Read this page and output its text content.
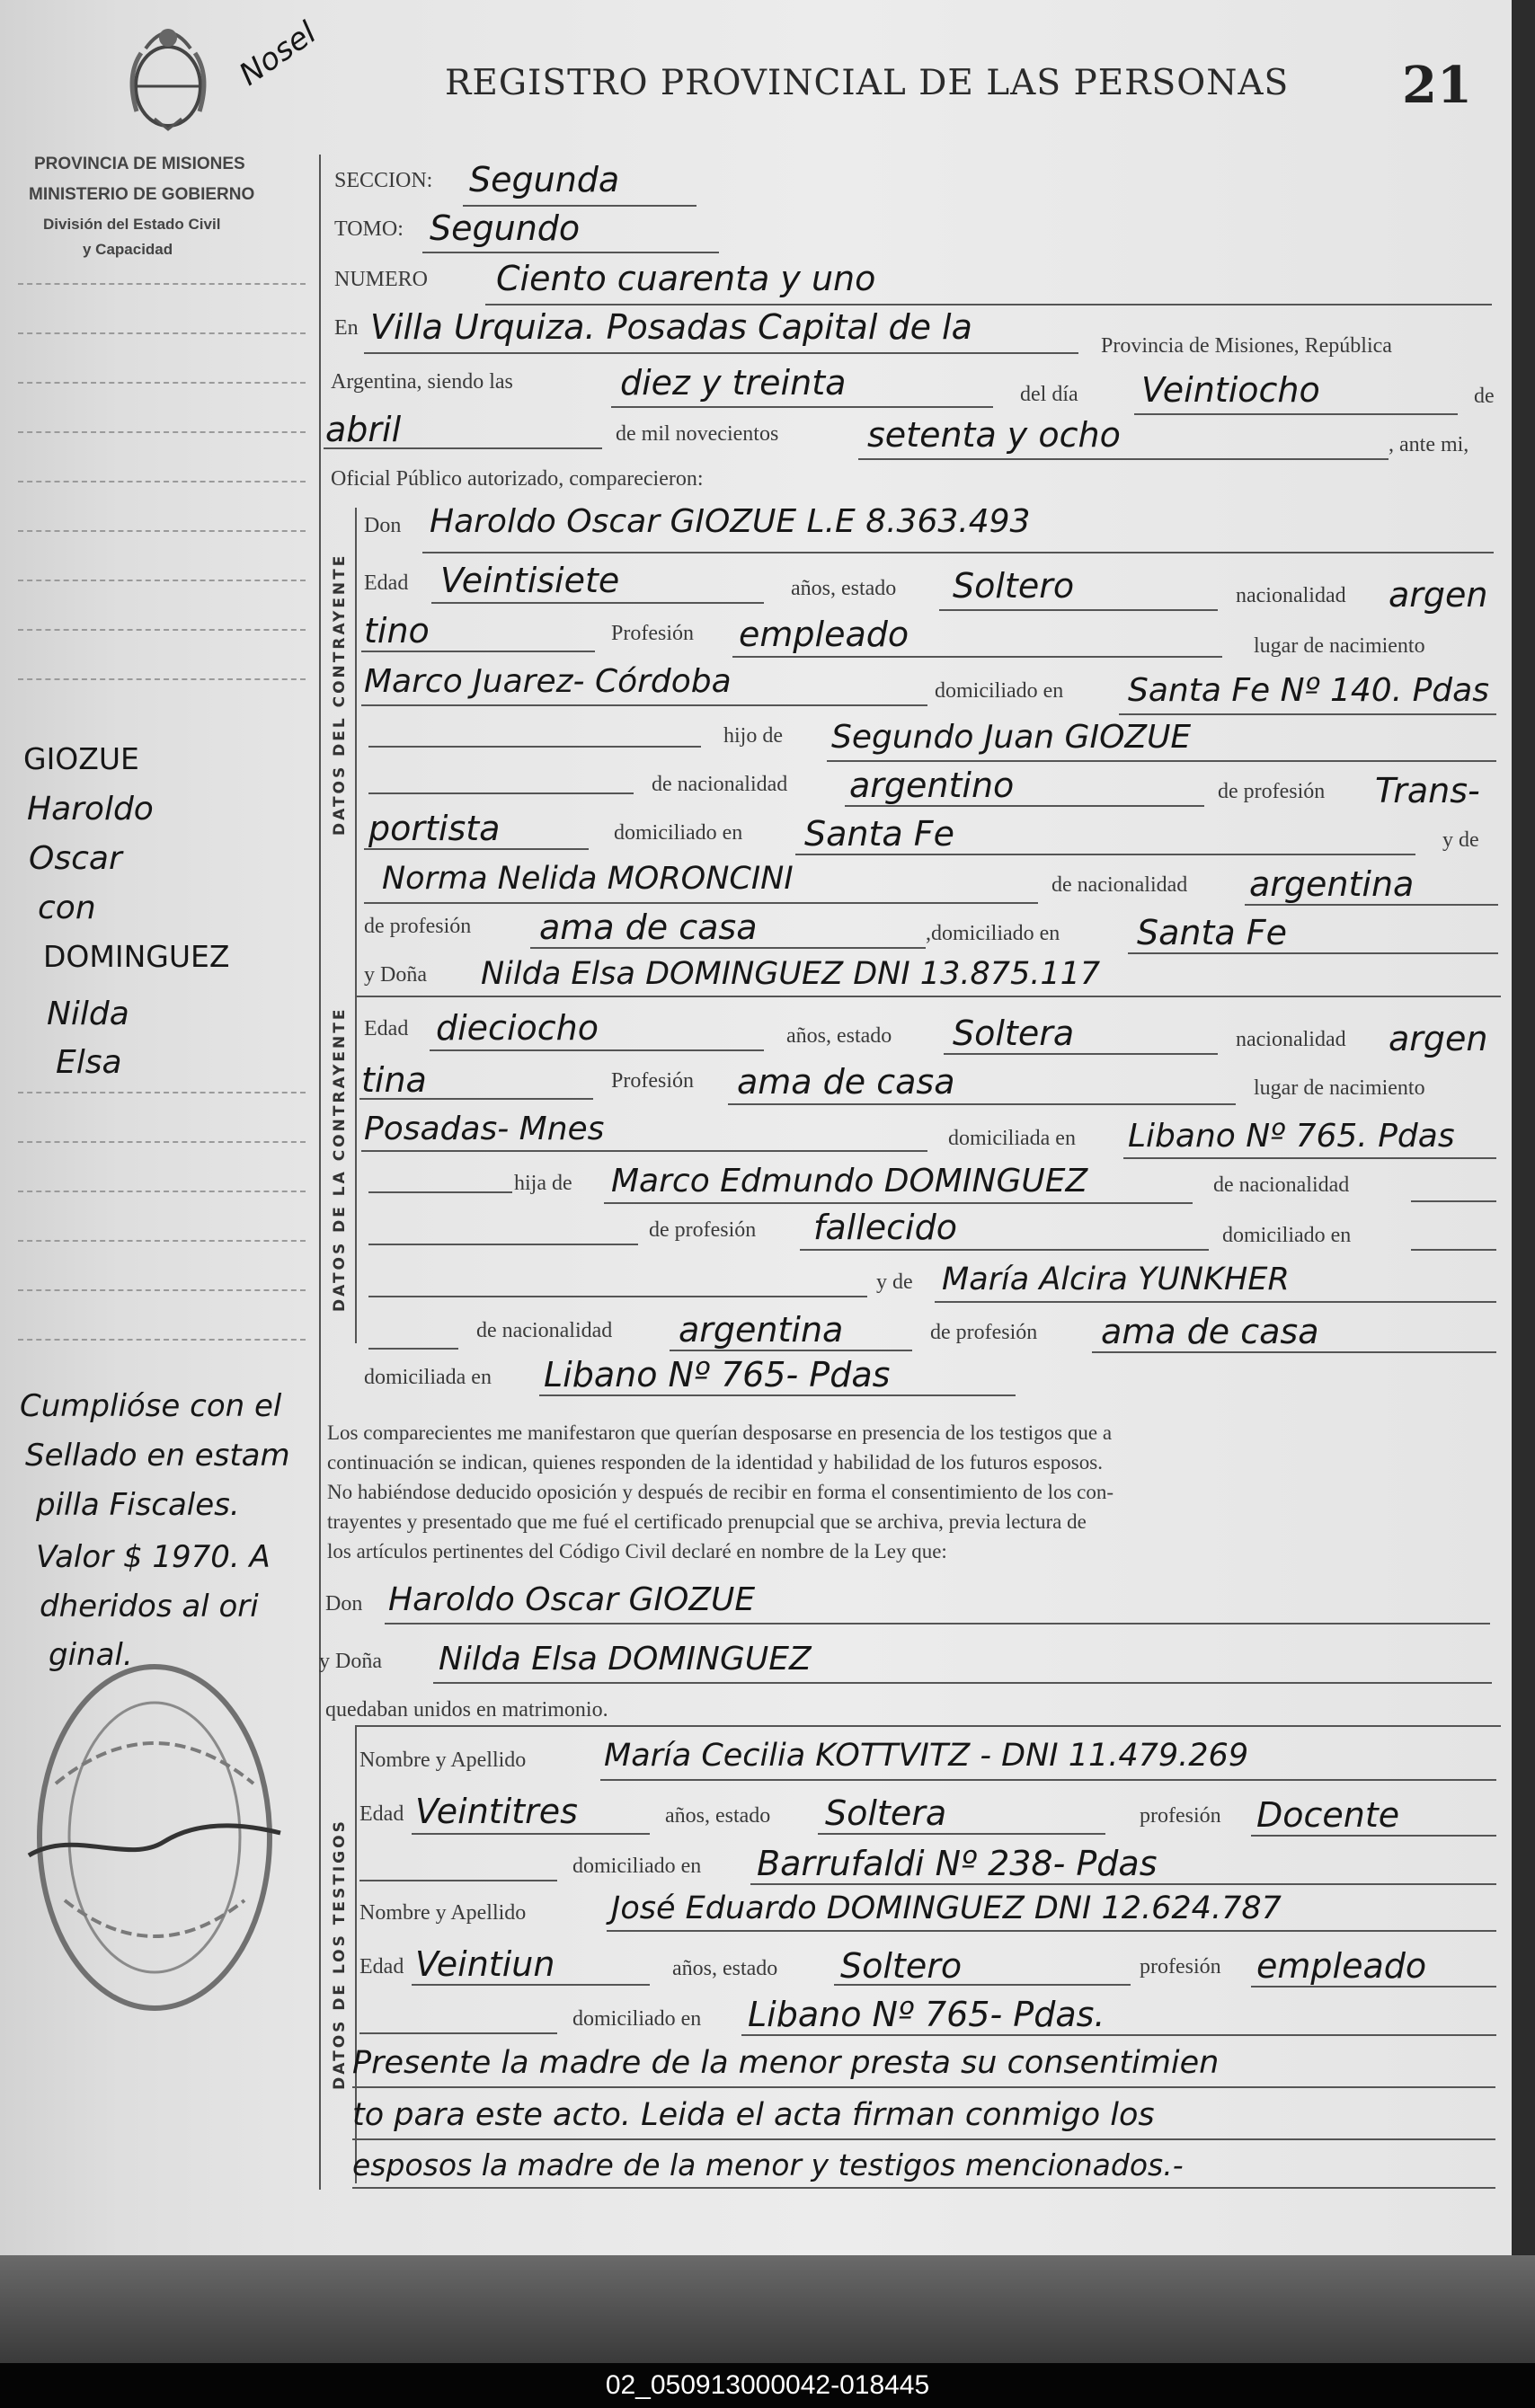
Nosel	REGISTRO PROVINCIAL DE LAS PERSONAS 21
PROVINCIA DE MISIONES
MINISTERIO DE GOBIERNO
División del Estado Civil
y Capacidad
GIOZUE
Haroldo
Oscar
con
DOMINGUEZ
Nilda
Elsa
Cumplióse con el
Sellado en estam
pilla Fiscales.
Valor $ 1970. A
dheridos al ori
ginal.
SECCION: Segunda
TOMO: Segundo
NUMERO Ciento cuarenta y uno
En Villa Urquiza. Posadas Capital de la	Provincia de Misiones, República
Argentina, siendo las	diez y treinta	del día Veintiocho	de
abril	de mil novecientos	setenta y ocho	, ante mi,
Oficial Público autorizado, comparecieron:
DATOS DEL CONTRAYENTE
Don Haroldo Oscar GIOZUE L.E 8.363.493
Edad Veintisiete	años, estado Soltero	nacionalidad argen
tino	Profesión empleado	lugar de nacimiento
Marco Juarez- Córdoba	domiciliado en Santa Fe Nº 140. Pdas
hijo de Segundo Juan GIOZUE
de nacionalidad argentino	de profesión Trans-
portista	domiciliado en Santa Fe	y de
Norma Nelida MORONCINI	de nacionalidad argentina
de profesión ama de casa	,domiciliado en Santa Fe
DATOS DE LA CONTRAYENTE
y Doña Nilda Elsa DOMINGUEZ DNI 13.875.117
Edad dieciocho	años, estado Soltera	nacionalidad argen
tina	Profesión ama de casa	lugar de nacimiento
Posadas- Mnes	domiciliada en Libano Nº 765. Pdas
hija de Marco Edmundo DOMINGUEZ	de nacionalidad
de profesión fallecido	domiciliado en
y de María Alcira YUNKHER
de nacionalidad argentina	de profesión ama de casa
domiciliada en Libano Nº 765- Pdas
Los comparecientes me manifestaron que querían desposarse en presencia de los testigos que a
continuación se indican, quienes responden de la identidad y habilidad de los futuros esposos.
No habiéndose deducido oposición y después de recibir en forma el consentimiento de los con-
trayentes y presentado que me fué el certificado prenupcial que se archiva, previa lectura de
los artículos pertinentes del Código Civil declaré en nombre de la Ley que:
Don Haroldo Oscar GIOZUE
y Doña Nilda Elsa DOMINGUEZ
quedaban unidos en matrimonio.
DATOS DE LOS TESTIGOS
Nombre y Apellido María Cecilia KOTTVITZ - DNI 11.479.269
Edad Veintitres	años, estado Soltera	profesión Docente
domiciliado en Barrufaldi Nº 238- Pdas
Nombre y Apellido	José Eduardo DOMINGUEZ DNI 12.624.787
Edad Veintiun	años, estado Soltero	profesión empleado
domiciliado en Libano Nº 765- Pdas.
Presente la madre de la menor presta su consentimien
to para este acto. Leida el acta firman conmigo los
esposos la madre de la menor y testigos mencionados.-
02_050913000042-018445
